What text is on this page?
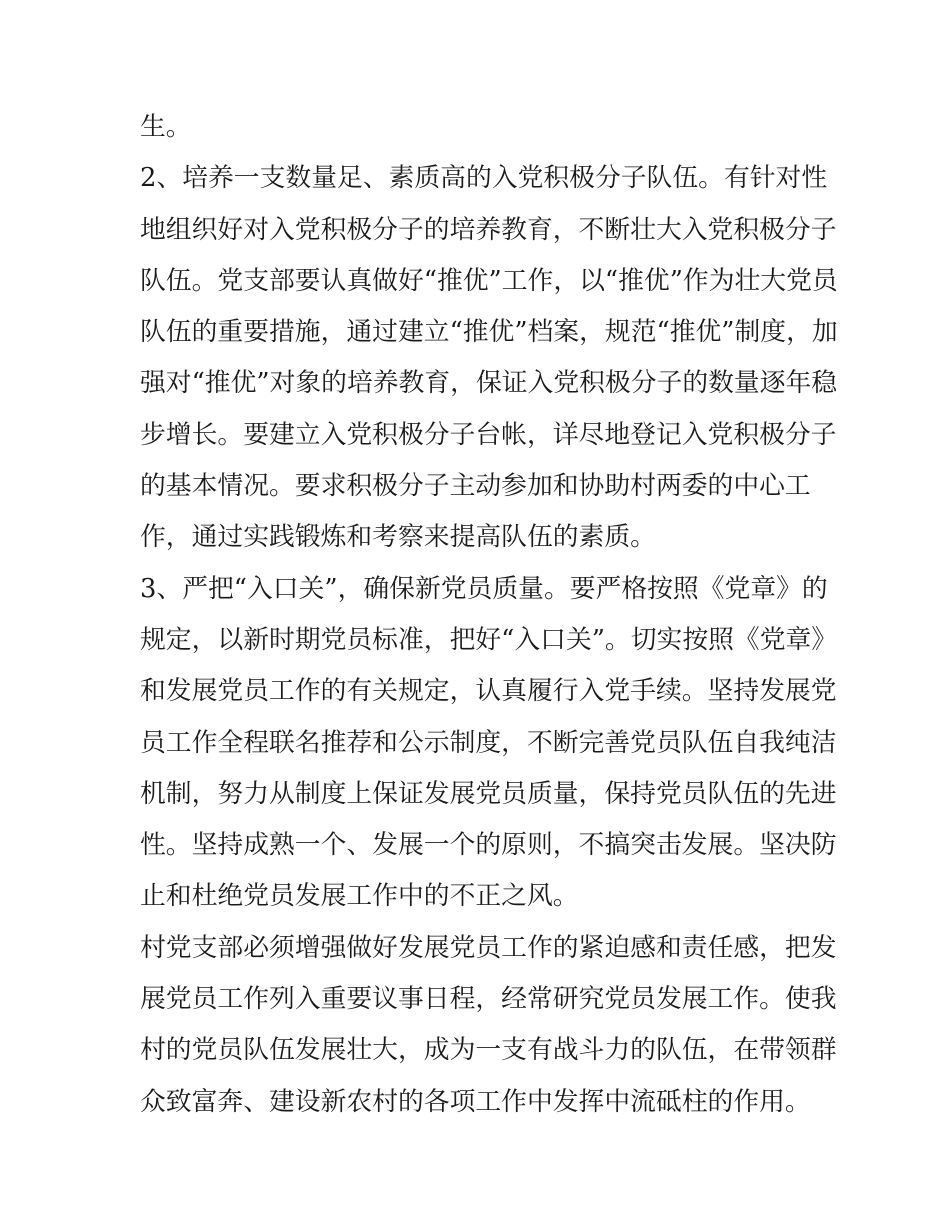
生。
2、培养一支数量足、素质高的入党积极分子队伍。有针对性
地组织好对入党积极分子的培养教育，不断壮大入党积极分子
队伍。党支部要认真做好“推优”工作，以“推优”作为壮大党员
队伍的重要措施，通过建立“推优”档案，规范“推优”制度，加
强对“推优”对象的培养教育，保证入党积极分子的数量逐年稳
步增长。要建立入党积极分子台帐，详尽地登记入党积极分子
的基本情况。要求积极分子主动参加和协助村两委的中心工
作，通过实践锻炼和考察来提高队伍的素质。
3、严把“入口关”，确保新党员质量。要严格按照《党章》的
规定，以新时期党员标准，把好“入口关”。切实按照《党章》
和发展党员工作的有关规定，认真履行入党手续。坚持发展党
员工作全程联名推荐和公示制度，不断完善党员队伍自我纯洁
机制，努力从制度上保证发展党员质量，保持党员队伍的先进
性。坚持成熟一个、发展一个的原则，不搞突击发展。坚决防
止和杜绝党员发展工作中的不正之风。
村党支部必须增强做好发展党员工作的紧迫感和责任感，把发
展党员工作列入重要议事日程，经常研究党员发展工作。使我
村的党员队伍发展壮大，成为一支有战斗力的队伍，在带领群
众致富奔、建设新农村的各项工作中发挥中流砥柱的作用。
